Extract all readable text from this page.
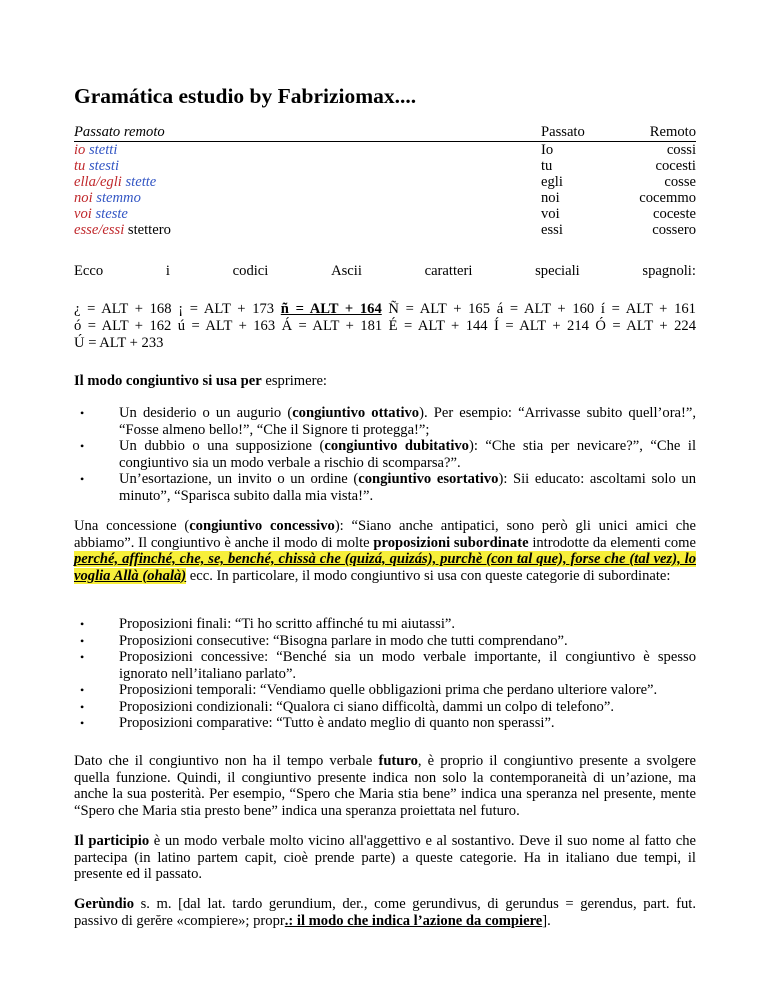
Gramática estudio by Fabriziomax....
Passato remoto	Passato	Remoto
io stetti	Io	cossi
tu stesti	tu	cocesti
ella/egli stette	egli	cosse
noi stemmo	noi	cocemmo
voi steste	voi	coceste
esse/essi stettero	essi	cossero
Ecco	i	codici	Ascii	caratteri	speciali	spagnoli:
¿ = ALT + 168 ¡ = ALT + 173 ñ = ALT + 164 Ñ = ALT + 165 á = ALT + 160 í = ALT + 161
ó = ALT + 162 ú = ALT + 163 Á = ALT + 181 É = ALT + 144 Í = ALT + 214 Ó = ALT + 224
Ú = ALT + 233

Il modo congiuntivo si usa per esprimere:

• Un desiderio o un augurio (congiuntivo ottativo). Per esempio: “Arrivasse subito quell’ora!”, “Fosse almeno bello!”, “Che il Signore ti protegga!”;
• Un dubbio o una supposizione (congiuntivo dubitativo): “Che stia per nevicare?”, “Che il congiuntivo sia un modo verbale a rischio di scomparsa?”.
• Un’esortazione, un invito o un ordine (congiuntivo esortativo): Sii educato: ascoltami solo un minuto”, “Sparisca subito dalla mia vista!”.

Una concessione (congiuntivo concessivo): “Siano anche antipatici, sono però gli unici amici che abbiamo”. Il congiuntivo è anche il modo di molte proposizioni subordinate introdotte da elementi come perché, affinché, che, se, benché, chissà che (quizá, quizás), purchè (con tal que), forse che (tal vez), lo voglia Allà (ohalà) ecc. In particolare, il modo congiuntivo si usa con queste categorie di subordinate:

• Proposizioni finali: “Ti ho scritto affinché tu mi aiutassi”.
• Proposizioni consecutive: “Bisogna parlare in modo che tutti comprendano”.
• Proposizioni concessive: “Benché sia un modo verbale importante, il congiuntivo è spesso ignorato nell’italiano parlato”.
• Proposizioni temporali: “Vendiamo quelle obbligazioni prima che perdano ulteriore valore”.
• Proposizioni condizionali: “Qualora ci siano difficoltà, dammi un colpo di telefono”.
• Proposizioni comparative: “Tutto è andato meglio di quanto non sperassi”.

Dato che il congiuntivo non ha il tempo verbale futuro, è proprio il congiuntivo presente a svolgere quella funzione. Quindi, il congiuntivo presente indica non solo la contemporaneità di un’azione, ma anche la sua posterità. Per esempio, “Spero che Maria stia bene” indica una speranza nel presente, mente “Spero che Maria stia presto bene” indica una speranza proiettata nel futuro.

Il participio è un modo verbale molto vicino all'aggettivo e al sostantivo. Deve il suo nome al fatto che partecipa (in latino partem capit, cioè prende parte) a queste categorie. Ha in italiano due tempi, il presente ed il passato.

Gerùndio s. m. [dal lat. tardo gerundium, der., come gerundivus, di gerundus = gerendus, part. fut. passivo di gerĕre «compiere»; propr.: il modo che indica l’azione da compiere].
